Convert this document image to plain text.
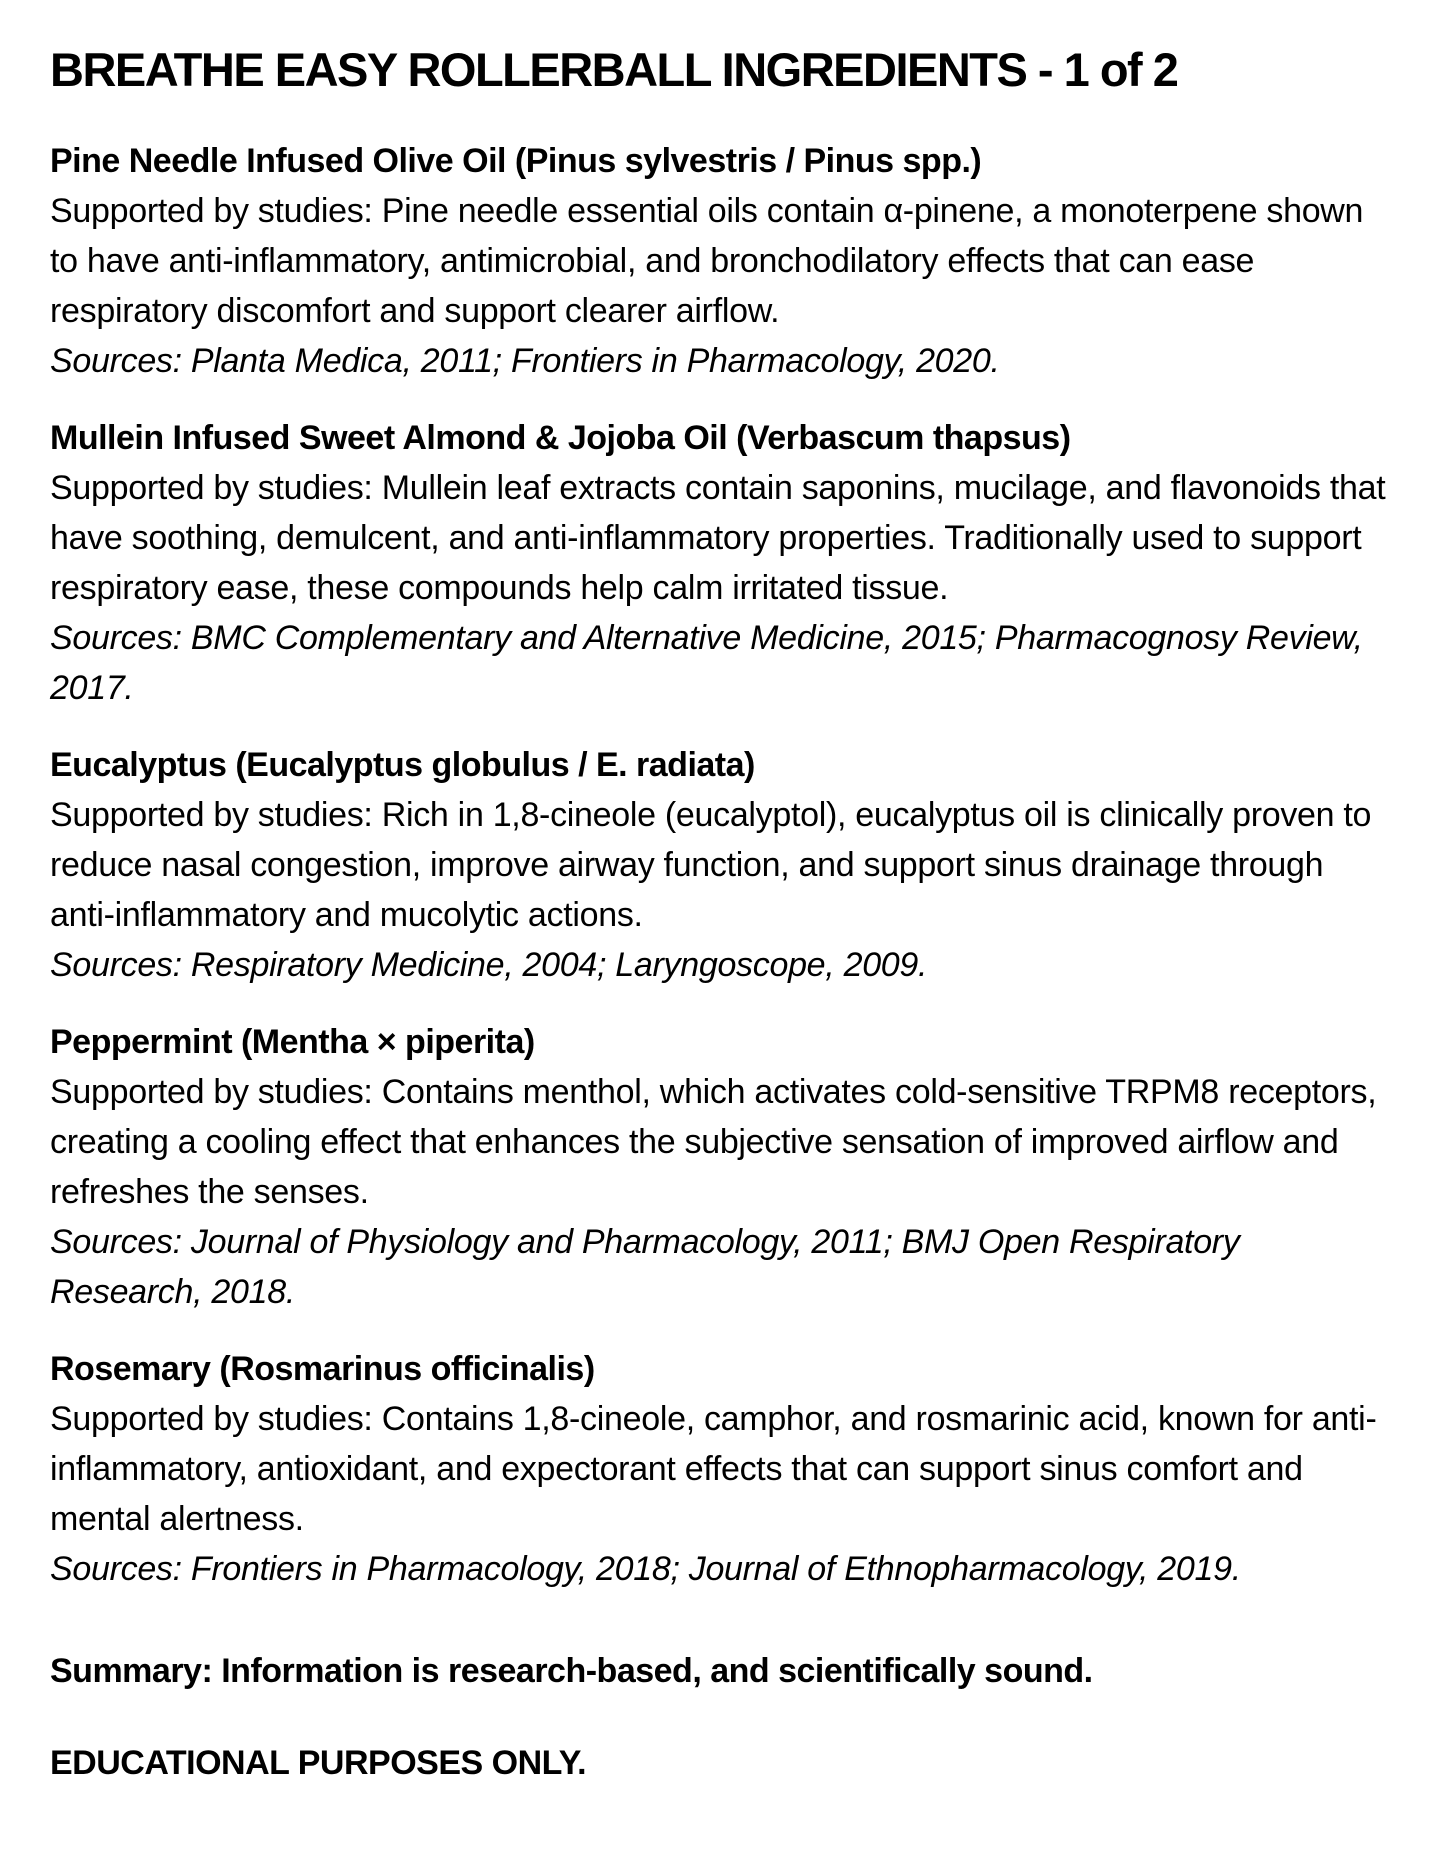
BREATHE EASY ROLLERBALL INGREDIENTS - 1 of 2

Pine Needle Infused Olive Oil (Pinus sylvestris / Pinus spp.)

Supported by studies: Pine needle essential oils contain α-pinene, a monoterpene shown to have anti-inflammatory, antimicrobial, and bronchodilatory effects that can ease respiratory discomfort and support clearer airflow.

Sources: Planta Medica, 2011; Frontiers in Pharmacology, 2020.

Mullein Infused Sweet Almond & Jojoba Oil (Verbascum thapsus)

Supported by studies: Mullein leaf extracts contain saponins, mucilage, and flavonoids that have soothing, demulcent, and anti-inflammatory properties. Traditionally used to support respiratory ease, these compounds help calm irritated tissue.

Sources: BMC Complementary and Alternative Medicine, 2015; Pharmacognosy Review, 2017.

Eucalyptus (Eucalyptus globulus / E. radiata)

Supported by studies: Rich in 1,8-cineole (eucalyptol), eucalyptus oil is clinically proven to reduce nasal congestion, improve airway function, and support sinus drainage through anti-inflammatory and mucolytic actions.

Sources: Respiratory Medicine, 2004; Laryngoscope, 2009.

Peppermint (Mentha × piperita)

Supported by studies: Contains menthol, which activates cold-sensitive TRPM8 receptors, creating a cooling effect that enhances the subjective sensation of improved airflow and refreshes the senses.

Sources: Journal of Physiology and Pharmacology, 2011; BMJ Open Respiratory Research, 2018.

Rosemary (Rosmarinus officinalis)

Supported by studies: Contains 1,8-cineole, camphor, and rosmarinic acid, known for anti-inflammatory, antioxidant, and expectorant effects that can support sinus comfort and mental alertness.

Sources: Frontiers in Pharmacology, 2018; Journal of Ethnopharmacology, 2019.

Summary: Information is research-based, and scientifically sound.

EDUCATIONAL PURPOSES ONLY.
